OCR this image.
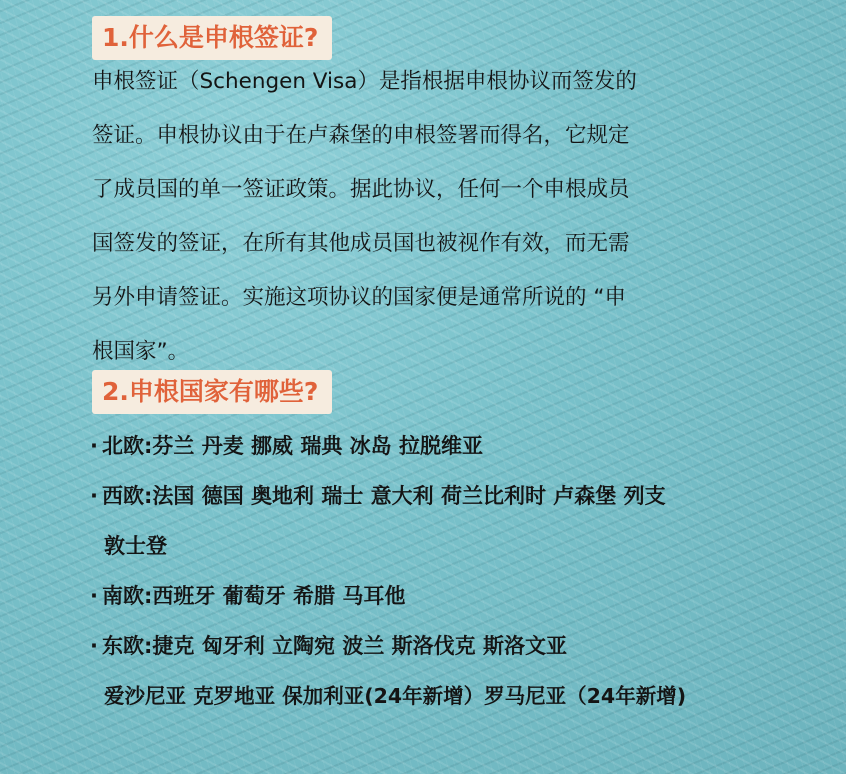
1.什么是申根签证?
申根签证（Schengen Visa）是指根据申根协议而签发的
签证。申根协议由于在卢森堡的申根签署而得名，它规定
了成员国的单一签证政策。据此协议，任何一个申根成员
国签发的签证，在所有其他成员国也被视作有效，而无需
另外申请签证。实施这项协议的国家便是通常所说的 “申
根国家”。
2.申根国家有哪些?
· 北欧:芬兰 丹麦 挪威 瑞典 冰岛 拉脱维亚
· 西欧:法国 德国 奥地利 瑞士 意大利 荷兰比利时 卢森堡 列支
敦士登
· 南欧:西班牙 葡萄牙 希腊 马耳他
· 东欧:捷克 匈牙利 立陶宛 波兰 斯洛伐克 斯洛文亚
爱沙尼亚 克罗地亚 保加利亚(24年新增）罗马尼亚（24年新增)
